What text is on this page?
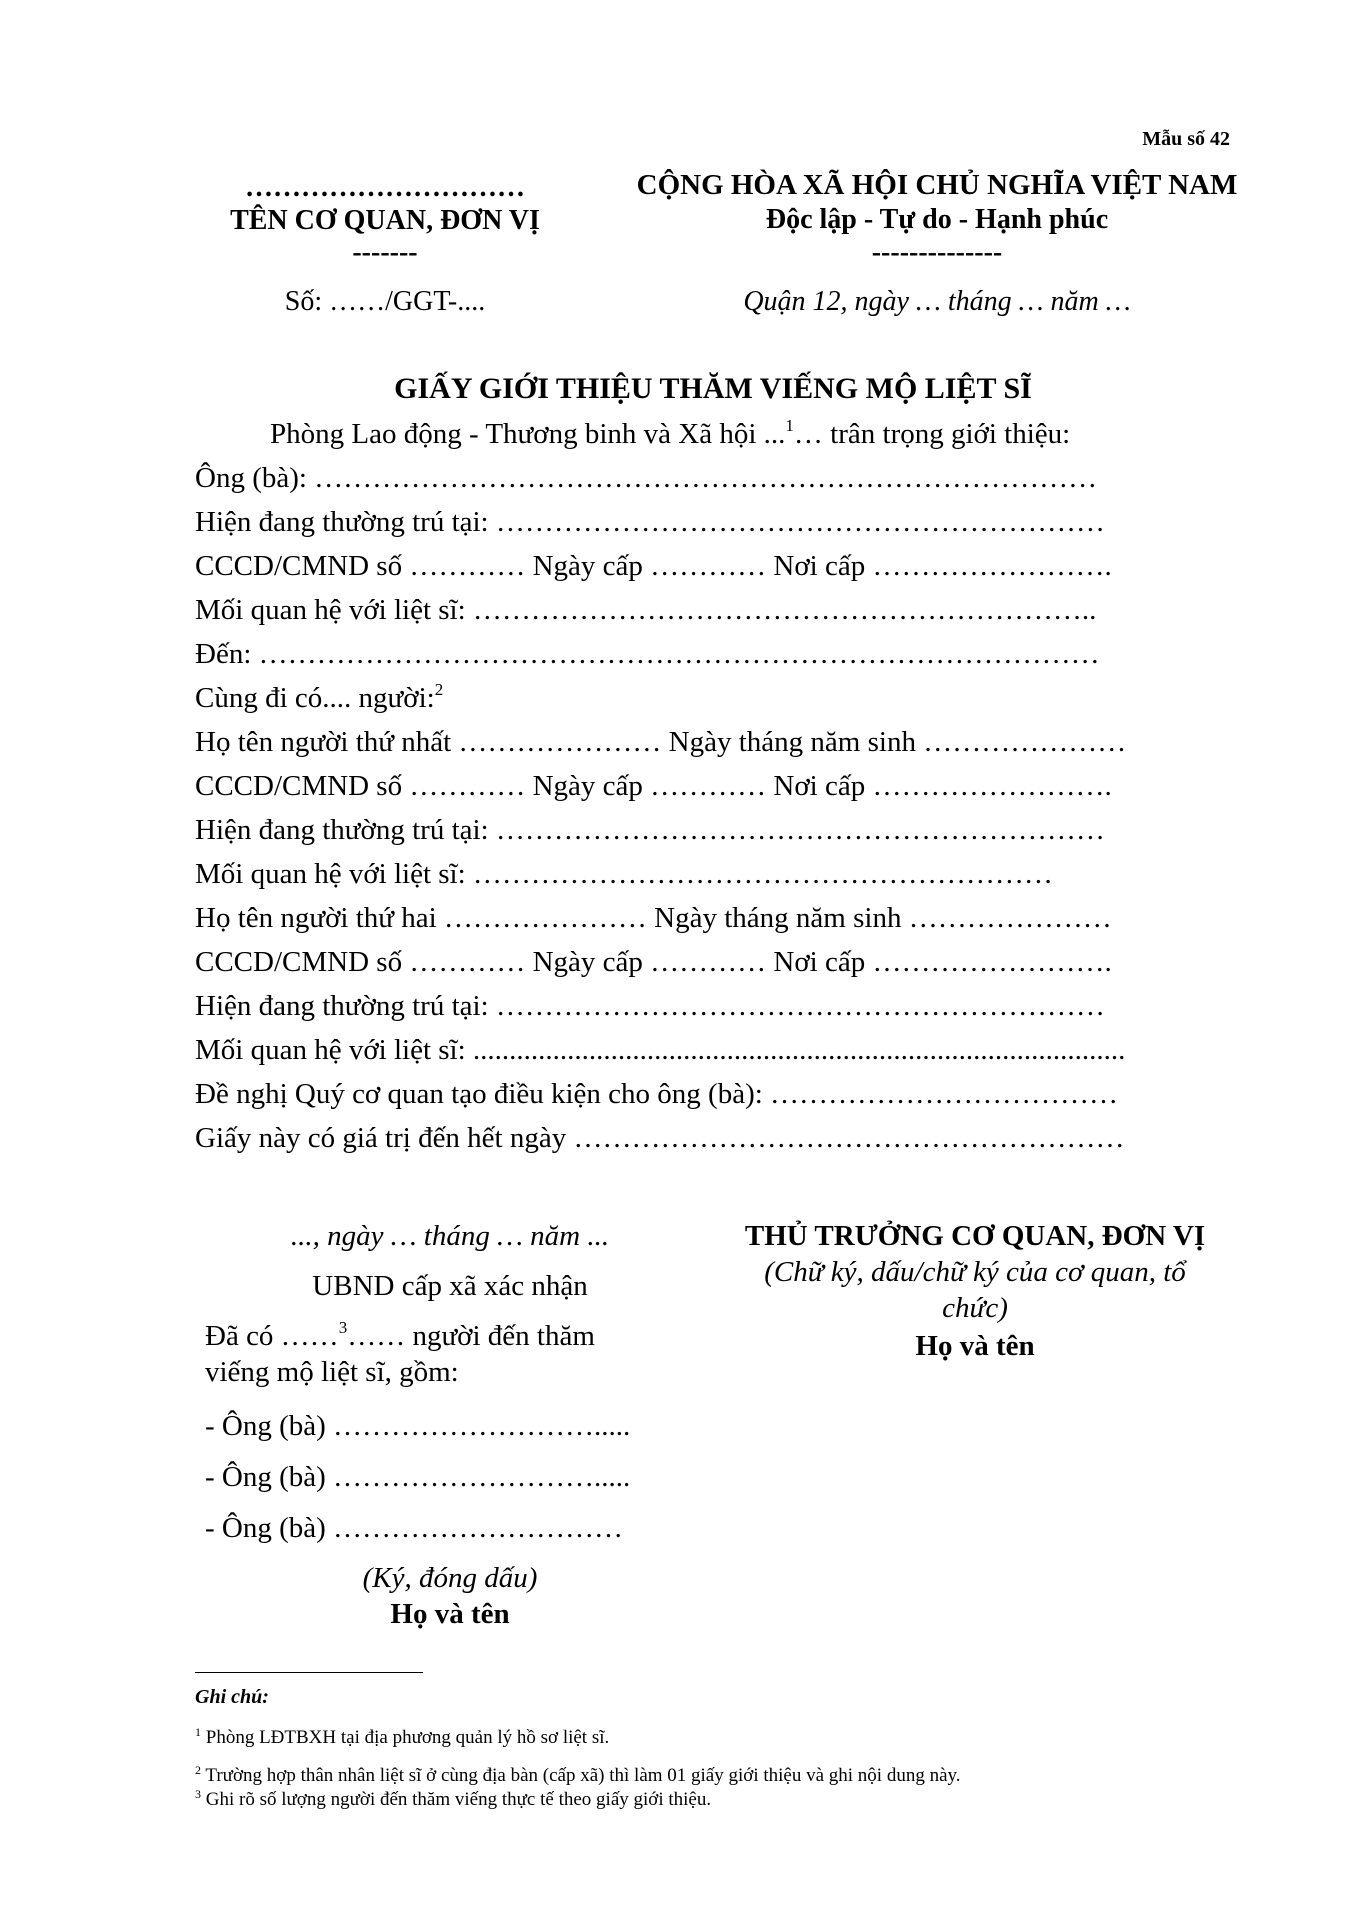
Mẫu số 42
…………………………
TÊN CƠ QUAN, ĐƠN VỊ
-------
Số: ……/GGT-....
CỘNG HÒA XÃ HỘI CHỦ NGHĨA VIỆT NAM
Độc lập - Tự do - Hạnh phúc
--------------
Quận 12, ngày … tháng … năm …
GIẤY GIỚI THIỆU THĂM VIẾNG MỘ LIỆT SĨ
Phòng Lao động - Thương binh và Xã hội ...$^1$… trân trọng giới thiệu:
Ông (bà): ………………………………………………………………………
Hiện đang thường trú tại: ………………………………………………………
CCCD/CMND số ………… Ngày cấp ………… Nơi cấp …………………….
Mối quan hệ với liệt sĩ: ………………………………………………………..
Đến: ……………………………………………………………………………
Cùng đi có.... người:$^2$
Họ tên người thứ nhất ………………… Ngày tháng năm sinh …………………
CCCD/CMND số ………… Ngày cấp ………… Nơi cấp …………………….
Hiện đang thường trú tại: ………………………………………………………
Mối quan hệ với liệt sĩ: ……………………………………………………
Họ tên người thứ hai ………………… Ngày tháng năm sinh …………………
CCCD/CMND số ………… Ngày cấp ………… Nơi cấp …………………….
Hiện đang thường trú tại: ………………………………………………………
Mối quan hệ với liệt sĩ: ..........................................................................................
Đề nghị Quý cơ quan tạo điều kiện cho ông (bà): ………………………………
Giấy này có giá trị đến hết ngày …………………………………………………
..., ngày … tháng … năm ...
UBND cấp xã xác nhận
Đã có ……$^3$…… người đến thăm
viếng mộ liệt sĩ, gồm:
- Ông (bà) ……………………….....
- Ông (bà) ……………………….....
- Ông (bà) …………………………
(Ký, đóng dấu)
Họ và tên
THỦ TRƯỞNG CƠ QUAN, ĐƠN VỊ
(Chữ ký, dấu/chữ ký của cơ quan, tổ
chức)
Họ và tên
Ghi chú:
$^1$ Phòng LĐTBXH tại địa phương quản lý hồ sơ liệt sĩ.
$^2$ Trường hợp thân nhân liệt sĩ ở cùng địa bàn (cấp xã) thì làm 01 giấy giới thiệu và ghi nội dung này.
$^3$ Ghi rõ số lượng người đến thăm viếng thực tế theo giấy giới thiệu.
